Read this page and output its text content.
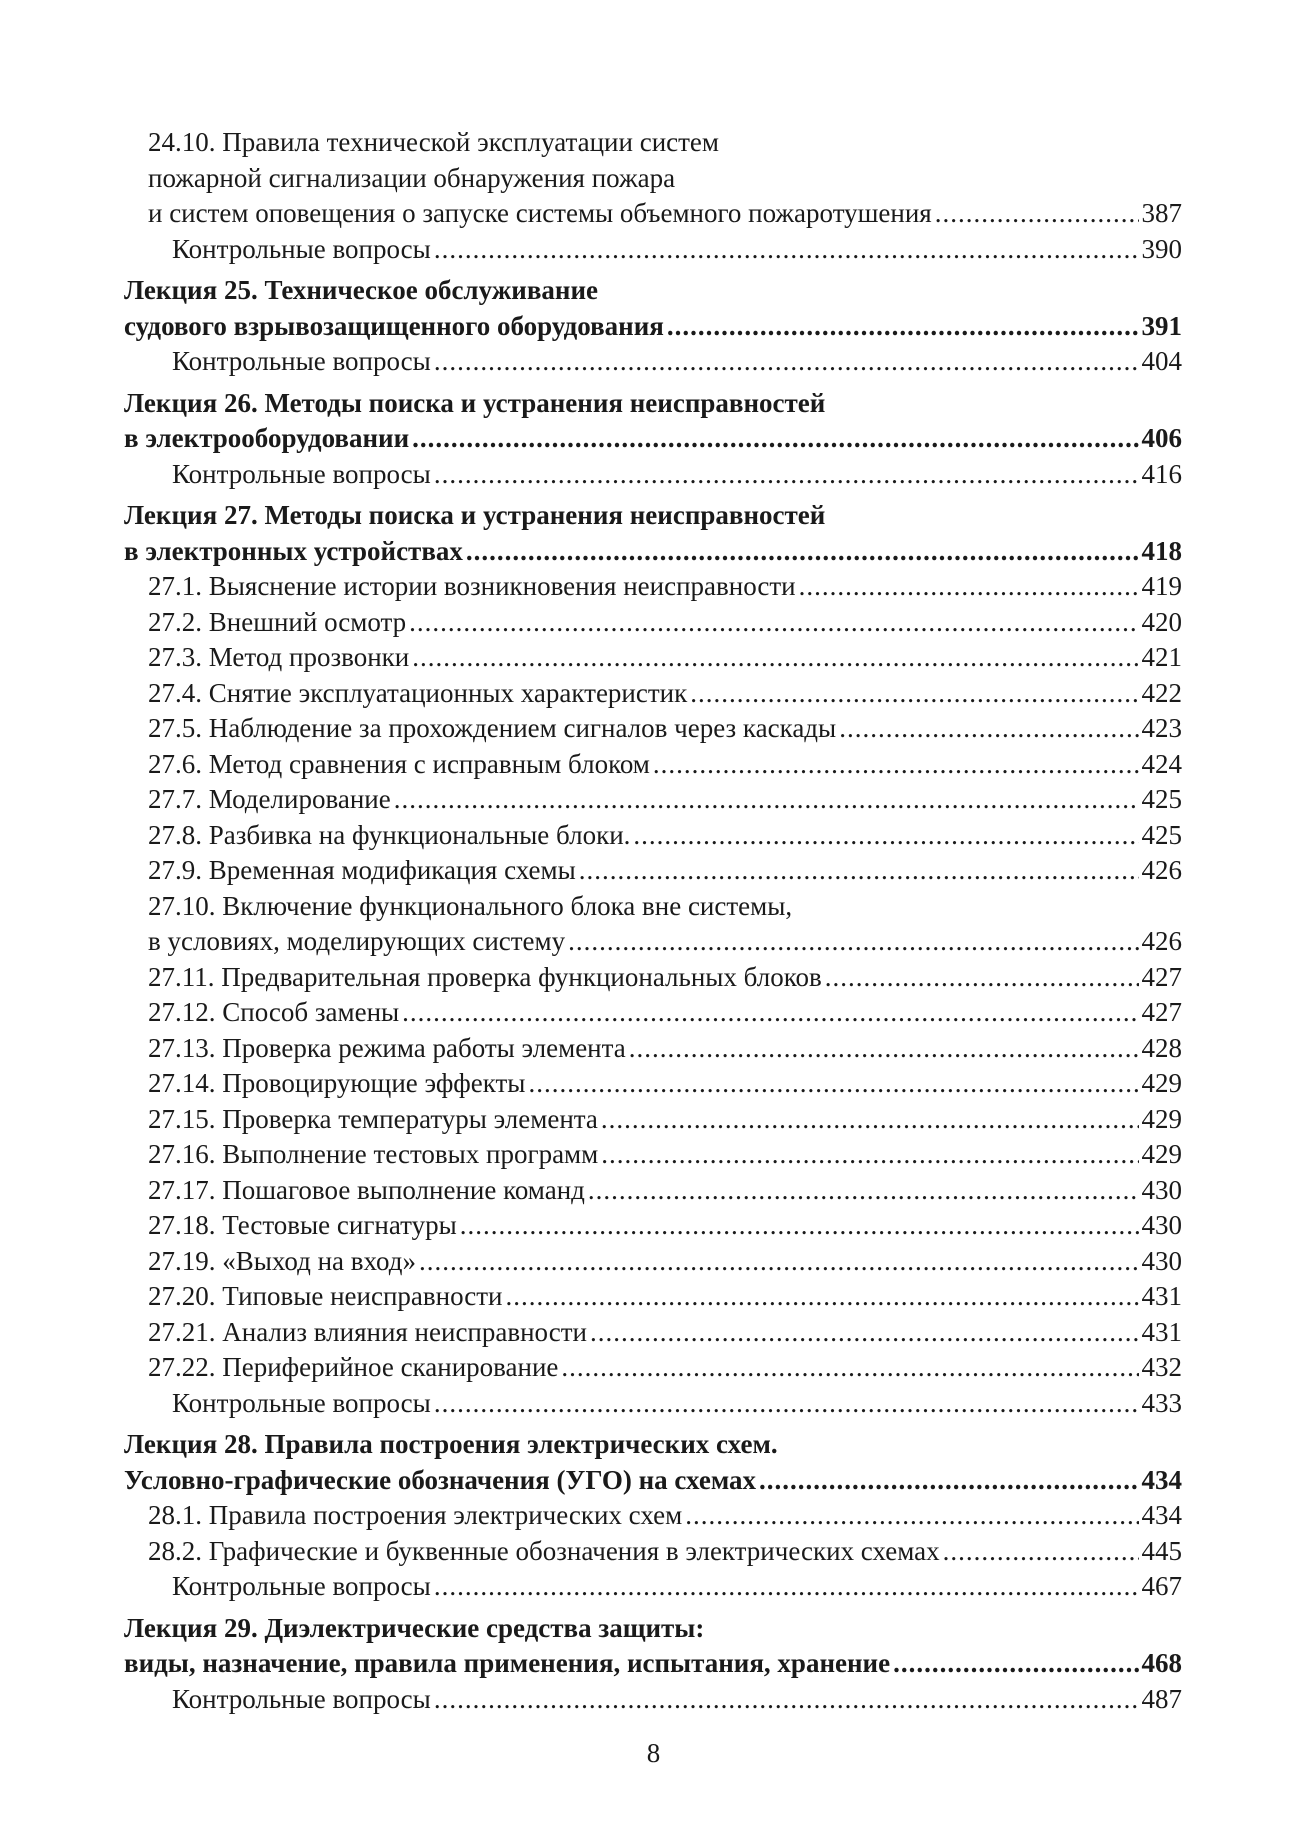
24.10. Правила технической эксплуатации систем
пожарной сигнализации обнаружения пожара
и систем оповещения о запуске системы объемного пожаротушения .....	387
Контрольные вопросы .....	390
Лекция 25. Техническое обслуживание
судового взрывозащищенного оборудования .....	391
Контрольные вопросы .....	404
Лекция 26. Методы поиска и устранения неисправностей
в электрооборудовании .....	406
Контрольные вопросы .....	416
Лекция 27. Методы поиска и устранения неисправностей
в электронных устройствах .....	418
27.1. Выяснение истории возникновения неисправности .....	419
27.2. Внешний осмотр .....	420
27.3. Метод прозвонки .....	421
27.4. Снятие эксплуатационных характеристик .....	422
27.5. Наблюдение за прохождением сигналов через каскады .....	423
27.6. Метод сравнения с исправным блоком .....	424
27.7. Моделирование .....	425
27.8. Разбивка на функциональные блоки. .....	425
27.9. Временная модификация схемы .....	426
27.10. Включение функционального блока вне системы,
в условиях, моделирующих систему .....	426
27.11. Предварительная проверка функциональных блоков .....	427
27.12. Способ замены .....	427
27.13. Проверка режима работы элемента .....	428
27.14. Провоцирующие эффекты .....	429
27.15. Проверка температуры элемента .....	429
27.16. Выполнение тестовых программ .....	429
27.17. Пошаговое выполнение команд .....	430
27.18. Тестовые сигнатуры .....	430
27.19. «Выход на вход» .....	430
27.20. Типовые неисправности .....	431
27.21. Анализ влияния неисправности .....	431
27.22. Периферийное сканирование .....	432
Контрольные вопросы .....	433
Лекция 28. Правила построения электрических схем.
Условно-графические обозначения (УГО) на схемах .....	434
28.1. Правила построения электрических схем .....	434
28.2. Графические и буквенные обозначения в электрических схемах .....	445
Контрольные вопросы .....	467
Лекция 29. Диэлектрические средства защиты:
виды, назначение, правила применения, испытания, хранение .....	468
Контрольные вопросы .....	487
8
